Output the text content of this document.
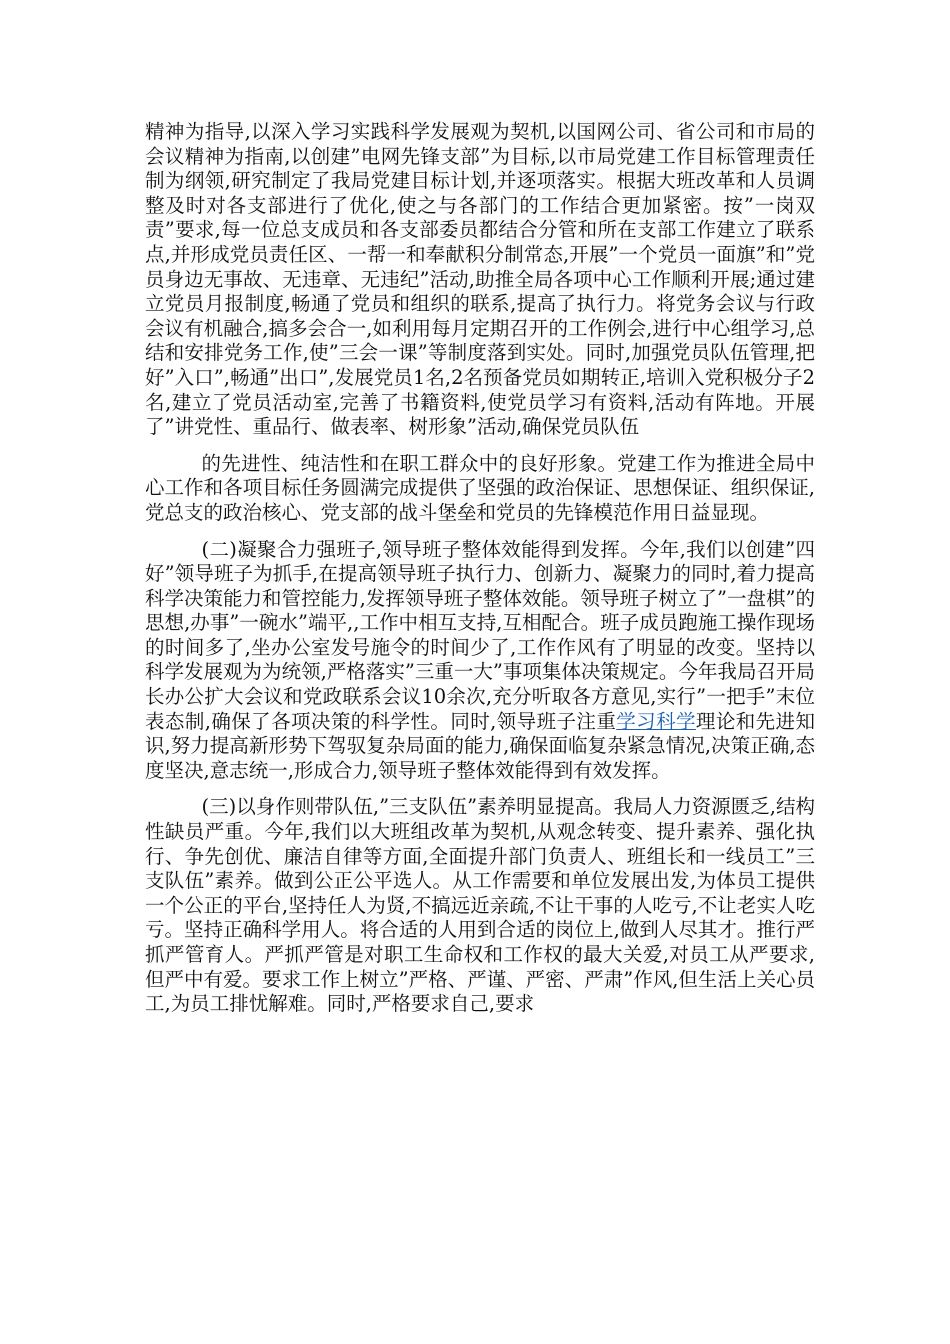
精神为指导,以深入学习实践科学发展观为契机,以国网公司、省公司和市局的会议精神为指南,以创建”电网先锋支部”为目标,以市局党建工作目标管理责任制为纲领,研究制定了我局党建目标计划,并逐项落实。根据大班改革和人员调整及时对各支部进行了优化,使之与各部门的工作结合更加紧密。按”一岗双责”要求,每一位总支成员和各支部委员都结合分管和所在支部工作建立了联系点,并形成党员责任区、一帮一和奉献积分制常态,开展”一个党员一面旗”和”党员身边无事故、无违章、无违纪”活动,助推全局各项中心工作顺利开展;通过建立党员月报制度,畅通了党员和组织的联系,提高了执行力。将党务会议与行政会议有机融合,搞多会合一,如利用每月定期召开的工作例会,进行中心组学习,总结和安排党务工作,使”三会一课”等制度落到实处。同时,加强党员队伍管理,把好”入口”,畅通”出口”,发展党员1名,2名预备党员如期转正,培训入党积极分子2名,建立了党员活动室,完善了书籍资料,使党员学习有资料,活动有阵地。开展了”讲党性、重品行、做表率、树形象”活动,确保党员队伍

的先进性、纯洁性和在职工群众中的良好形象。党建工作为推进全局中心工作和各项目标任务圆满完成提供了坚强的政治保证、思想保证、组织保证,党总支的政治核心、党支部的战斗堡垒和党员的先锋模范作用日益显现。

(二)凝聚合力强班子,领导班子整体效能得到发挥。今年,我们以创建”四好”领导班子为抓手,在提高领导班子执行力、创新力、凝聚力的同时,着力提高科学决策能力和管控能力,发挥领导班子整体效能。领导班子树立了”一盘棋”的思想,办事”一碗水”端平,,工作中相互支持,互相配合。班子成员跑施工操作现场的时间多了,坐办公室发号施令的时间少了,工作作风有了明显的改变。坚持以科学发展观为为统领,严格落实”三重一大”事项集体决策规定。今年我局召开局长办公扩大会议和党政联系会议10余次,充分听取各方意见,实行”一把手”末位表态制,确保了各项决策的科学性。同时,领导班子注重学习科学理论和先进知识,努力提高新形势下驾驭复杂局面的能力,确保面临复杂紧急情况,决策正确,态度坚决,意志统一,形成合力,领导班子整体效能得到有效发挥。

(三)以身作则带队伍,”三支队伍”素养明显提高。我局人力资源匮乏,结构性缺员严重。今年,我们以大班组改革为契机,从观念转变、提升素养、强化执行、争先创优、廉洁自律等方面,全面提升部门负责人、班组长和一线员工”三支队伍”素养。做到公正公平选人。从工作需要和单位发展出发,为体员工提供一个公正的平台,坚持任人为贤,不搞远近亲疏,不让干事的人吃亏,不让老实人吃亏。坚持正确科学用人。将合适的人用到合适的岗位上,做到人尽其才。推行严抓严管育人。严抓严管是对职工生命权和工作权的最大关爱,对员工从严要求,但严中有爱。要求工作上树立”严格、严谨、严密、严肃”作风,但生活上关心员工,为员工排忧解难。同时,严格要求自己,要求
